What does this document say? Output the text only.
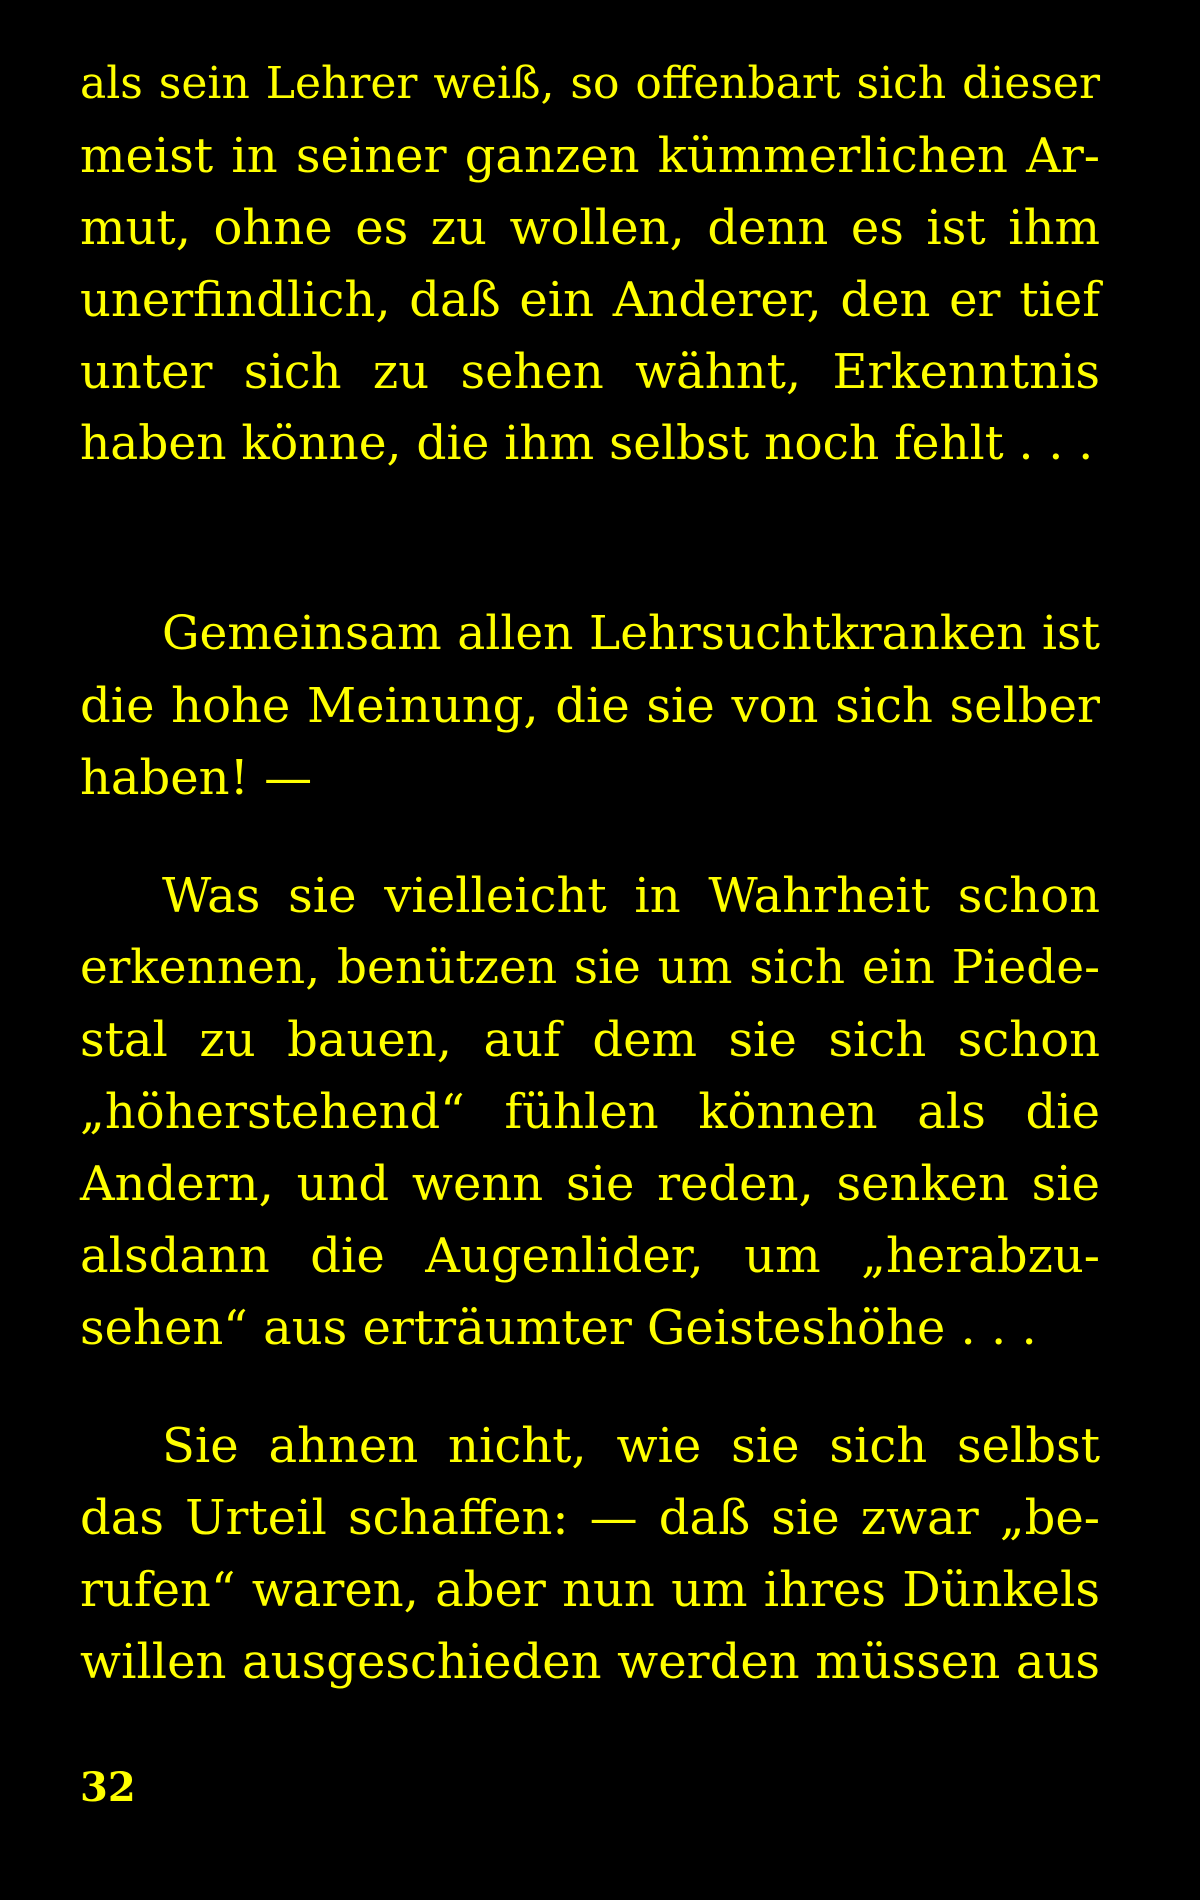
als sein Lehrer weiß, so offenbart sich dieser
meist in seiner ganzen kümmerlichen Ar-
mut, ohne es zu wollen, denn es ist ihm
unerfindlich, daß ein Anderer, den er tief
unter sich zu sehen wähnt, Erkenntnis
haben könne, die ihm selbst noch fehlt . . .
Gemeinsam allen Lehrsuchtkranken ist
die hohe Meinung, die sie von sich selber
haben! —
Was sie vielleicht in Wahrheit schon
erkennen, benützen sie um sich ein Piede-
stal zu bauen, auf dem sie sich schon
„höherstehend“ fühlen können als die
Andern, und wenn sie reden, senken sie
alsdann die Augenlider, um „herabzu-
sehen“ aus erträumter Geisteshöhe . . .
Sie ahnen nicht, wie sie sich selbst
das Urteil schaffen: — daß sie zwar „be-
rufen“ waren, aber nun um ihres Dünkels
willen ausgeschieden werden müssen aus
32
